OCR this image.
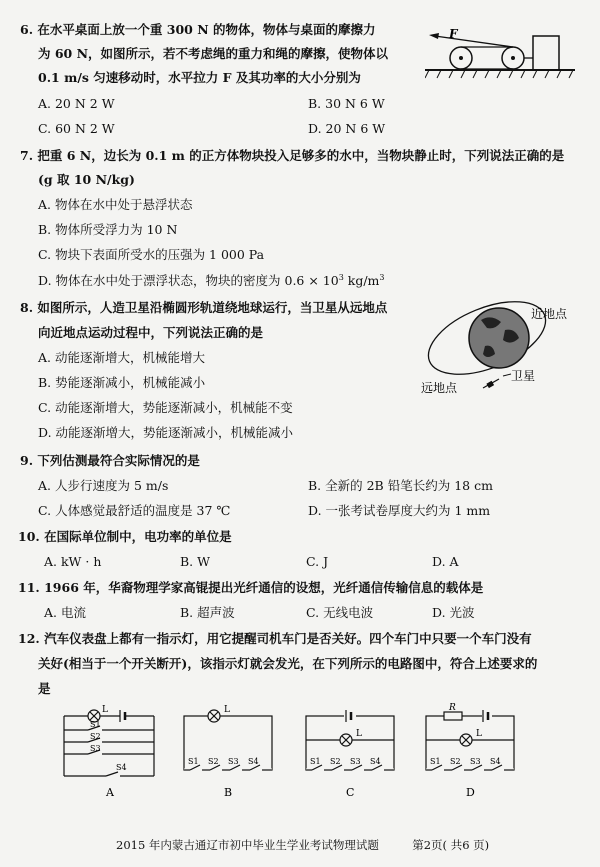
6. 在水平桌面上放一个重 300 N 的物体，物体与桌面的摩擦力
为 60 N，如图所示，若不考虑绳的重力和绳的摩擦，使物体以
0.1 m/s 匀速移动时，水平拉力 F 及其功率的大小分别为
A. 20 N 2 W	B. 30 N 6 W
C. 60 N 2 W	D. 20 N 6 W
F
7. 把重 6 N，边长为 0.1 m 的正方体物块投入足够多的水中，当物块静止时，下列说法正确的是
(g 取 10 N/kg)
A. 物体在水中处于悬浮状态
B. 物体所受浮力为 10 N
C. 物块下表面所受水的压强为 1 000 Pa
D. 物体在水中处于漂浮状态，物块的密度为 $0.6 \times 10^3$ $kg/m^3$
8. 如图所示，人造卫星沿椭圆形轨道绕地球运行，当卫星从远地点
向近地点运动过程中，下列说法正确的是
A. 动能逐渐增大，机械能增大
B. 势能逐渐减小，机械能减小
C. 动能逐渐增大，势能逐渐减小，机械能不变
D. 动能逐渐增大，势能逐渐减小，机械能减小
近地点
远地点
卫星
9. 下列估测最符合实际情况的是
A. 人步行速度为 5 m/s	B. 全新的 2B 铅笔长约为 18 cm
C. 人体感觉最舒适的温度是 37 ℃	D. 一张考试卷厚度大约为 1 mm
10. 在国际单位制中，电功率的单位是
A. kW · h	B. W	C. J	D. A
11. 1966 年，华裔物理学家高锟提出光纤通信的设想，光纤通信传输信息的载体是
A. 电流	B. 超声波	C. 无线电波	D. 光波
12. 汽车仪表盘上都有一指示灯，用它提醒司机车门是否关好。四个车门中只要一个车门没有
关好(相当于一个开关断开)，该指示灯就会发光，在下列所示的电路图中，符合上述要求的
是
L
S1
S2
S3
S4
A
L
S1 S2 S3 S4
B
L
S1 S2 S3 S4
C
R
L
S1 S2 S3 S4
D
2015 年内蒙古通辽市初中毕业生学业考试物理试题	第2页( 共6 页)
